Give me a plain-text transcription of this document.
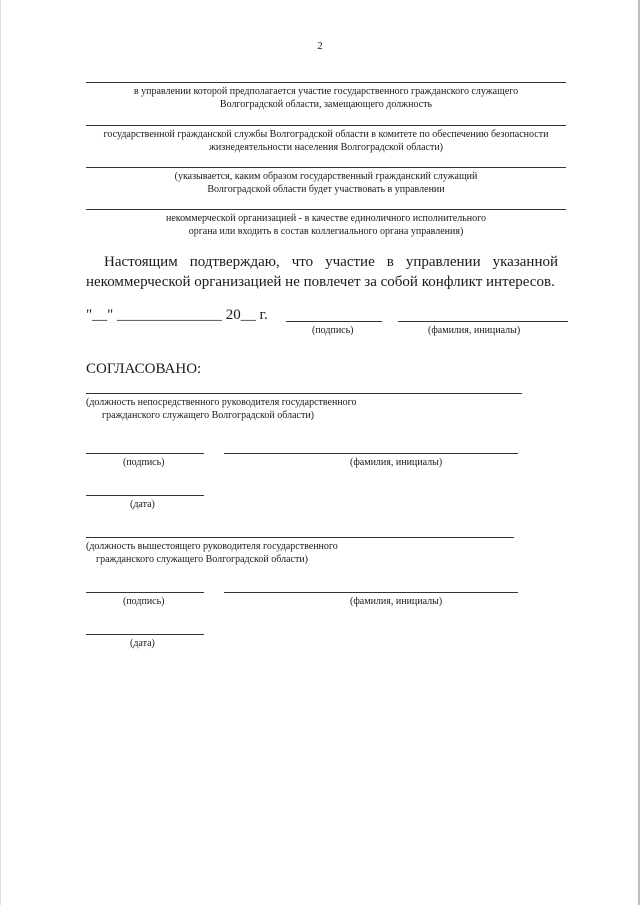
2
в управлении которой предполагается участие государственного гражданского служащего
Волгоградской области, замещающего должность
государственной гражданской службы Волгоградской области в комитете по обеспечению безопасности
жизнедеятельности населения Волгоградской области)
(указывается, каким образом государственный гражданский служащий
Волгоградской области будет участвовать в управлении
некоммерческой организацией - в качестве единоличного исполнительного
органа или входить в состав коллегиального органа управления)
Настоящим подтверждаю, что участие в управлении указанной
некоммерческой организацией не повлечет за собой конфликт интересов.
"__" ______________ 20__ г.
(подпись)	(фамилия, инициалы)
СОГЛАСОВАНО:
(должность непосредственного руководителя государственного
гражданского служащего Волгоградской области)
(подпись)	(фамилия, инициалы)
(дата)
(должность вышестоящего руководителя государственного
гражданского служащего Волгоградской области)
(подпись)	(фамилия, инициалы)
(дата)
